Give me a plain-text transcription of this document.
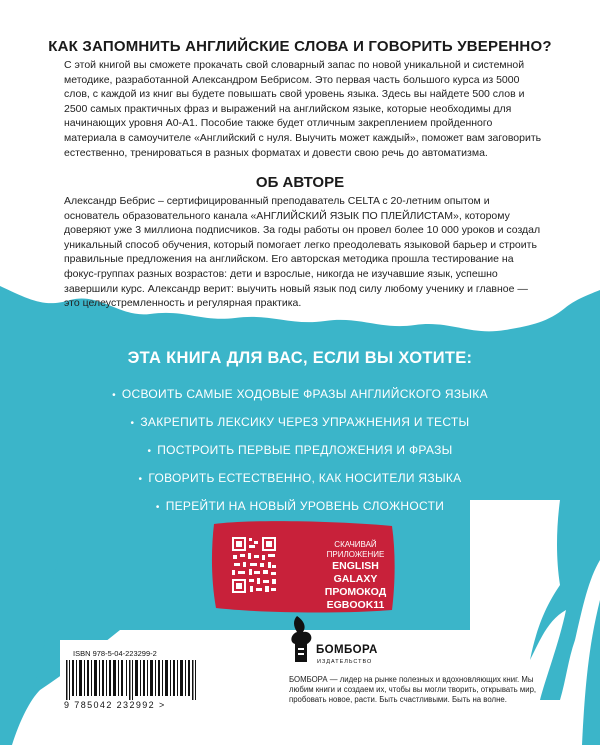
КАК ЗАПОМНИТЬ АНГЛИЙСКИЕ СЛОВА И ГОВОРИТЬ УВЕРЕННО?
С этой книгой вы сможете прокачать свой словарный запас по новой уникальной и системной методике, разработанной Александром Бебрисом. Это первая часть большого курса из 5000 слов, с каждой из книг вы будете повышать свой уровень языка. Здесь вы найдете 500 слов и 2500 самых практичных фраз и выражений на английском языке, которые необходимы для начинающих уровня А0-А1. Пособие также будет отличным закреплением пройденного материала в самоучителе «Английский с нуля. Выучить может каждый», поможет вам заговорить естественно, тренироваться в разных форматах и довести свою речь до автоматизма.
ОБ АВТОРЕ
Александр Бебрис – сертифицированный преподаватель CELTA с 20-летним опытом и основатель образовательного канала «АНГЛИЙСКИЙ ЯЗЫК ПО ПЛЕЙЛИСТАМ», которому доверяют уже 3 миллиона подписчиков. За годы работы он провел более 10 000 уроков и создал уникальный способ обучения, который помогает легко преодолевать языковой барьер и строить правильные предложения на английском. Его авторская методика прошла тестирование на фокус-группах разных возрастов: дети и взрослые, никогда не изучавшие язык, успешно завершили курс. Александр верит: выучить новый язык под силу любому ученику и главное — это целеустремленность и регулярная практика.
ЭТА КНИГА ДЛЯ ВАС, ЕСЛИ ВЫ ХОТИТЕ:
• ОСВОИТЬ САМЫЕ ХОДОВЫЕ ФРАЗЫ АНГЛИЙСКОГО ЯЗЫКА
• ЗАКРЕПИТЬ ЛЕКСИКУ ЧЕРЕЗ УПРАЖНЕНИЯ И ТЕСТЫ
• ПОСТРОИТЬ ПЕРВЫЕ ПРЕДЛОЖЕНИЯ И ФРАЗЫ
• ГОВОРИТЬ ЕСТЕСТВЕННО, КАК НОСИТЕЛИ ЯЗЫКА
• ПЕРЕЙТИ НА НОВЫЙ УРОВЕНЬ СЛОЖНОСТИ
СКАЧИВАЙ
ПРИЛОЖЕНИЕ
ENGLISH GALAXY
ПРОМОКОД
EGBOOK11
ISBN 978-5-04-223299-2
9 785042 232992 >
БОМБОРА
ИЗДАТЕЛЬСТВО
БОМБОРА — лидер на рынке полезных и вдохновляющих книг. Мы любим книги и создаем их, чтобы вы могли творить, открывать мир, пробовать новое, расти. Быть счастливыми. Быть на волне.
